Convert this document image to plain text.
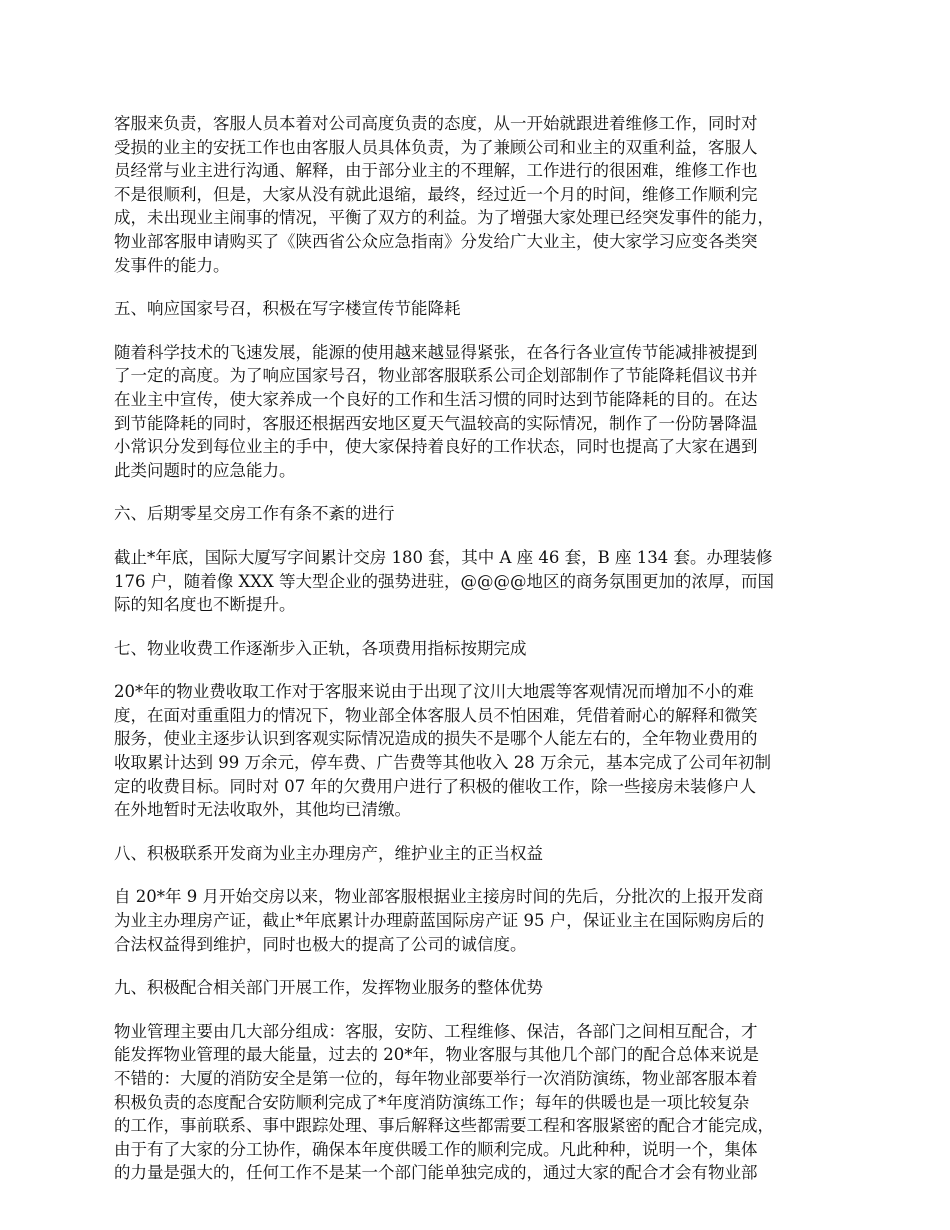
客服来负责，客服人员本着对公司高度负责的态度，从一开始就跟进着维修工作，同时对
受损的业主的安抚工作也由客服人员具体负责，为了兼顾公司和业主的双重利益，客服人
员经常与业主进行沟通、解释，由于部分业主的不理解，工作进行的很困难，维修工作也
不是很顺利，但是，大家从没有就此退缩，最终，经过近一个月的时间，维修工作顺利完
成，未出现业主闹事的情况，平衡了双方的利益。为了增强大家处理已经突发事件的能力，
物业部客服申请购买了《陕西省公众应急指南》分发给广大业主，使大家学习应变各类突
发事件的能力。
五、响应国家号召，积极在写字楼宣传节能降耗
随着科学技术的飞速发展，能源的使用越来越显得紧张，在各行各业宣传节能减排被提到
了一定的高度。为了响应国家号召，物业部客服联系公司企划部制作了节能降耗倡议书并
在业主中宣传，使大家养成一个良好的工作和生活习惯的同时达到节能降耗的目的。在达
到节能降耗的同时，客服还根据西安地区夏天气温较高的实际情况，制作了一份防暑降温
小常识分发到每位业主的手中，使大家保持着良好的工作状态，同时也提高了大家在遇到
此类问题时的应急能力。
六、后期零星交房工作有条不紊的进行
截止*年底，国际大厦写字间累计交房 180 套，其中 A 座 46 套，B 座 134 套。办理装修
176 户，随着像 XXX 等大型企业的强势进驻，@@@@地区的商务氛围更加的浓厚，而国
际的知名度也不断提升。
七、物业收费工作逐渐步入正轨，各项费用指标按期完成
20*年的物业费收取工作对于客服来说由于出现了汶川大地震等客观情况而增加不小的难
度，在面对重重阻力的情况下，物业部全体客服人员不怕困难，凭借着耐心的解释和微笑
服务，使业主逐步认识到客观实际情况造成的损失不是哪个人能左右的，全年物业费用的
收取累计达到 99 万余元，停车费、广告费等其他收入 28 万余元，基本完成了公司年初制
定的收费目标。同时对 07 年的欠费用户进行了积极的催收工作，除一些接房未装修户人
在外地暂时无法收取外，其他均已清缴。
八、积极联系开发商为业主办理房产，维护业主的正当权益
自 20*年 9 月开始交房以来，物业部客服根据业主接房时间的先后，分批次的上报开发商
为业主办理房产证，截止*年底累计办理蔚蓝国际房产证 95 户，保证业主在国际购房后的
合法权益得到维护，同时也极大的提高了公司的诚信度。
九、积极配合相关部门开展工作，发挥物业服务的整体优势
物业管理主要由几大部分组成：客服，安防、工程维修、保洁，各部门之间相互配合，才
能发挥物业管理的最大能量，过去的 20*年，物业客服与其他几个部门的配合总体来说是
不错的：大厦的消防安全是第一位的，每年物业部要举行一次消防演练，物业部客服本着
积极负责的态度配合安防顺利完成了*年度消防演练工作；每年的供暖也是一项比较复杂
的工作，事前联系、事中跟踪处理、事后解释这些都需要工程和客服紧密的配合才能完成，
由于有了大家的分工协作，确保本年度供暖工作的顺利完成。凡此种种，说明一个，集体
的力量是强大的，任何工作不是某一个部门能单独完成的，通过大家的配合才会有物业部
